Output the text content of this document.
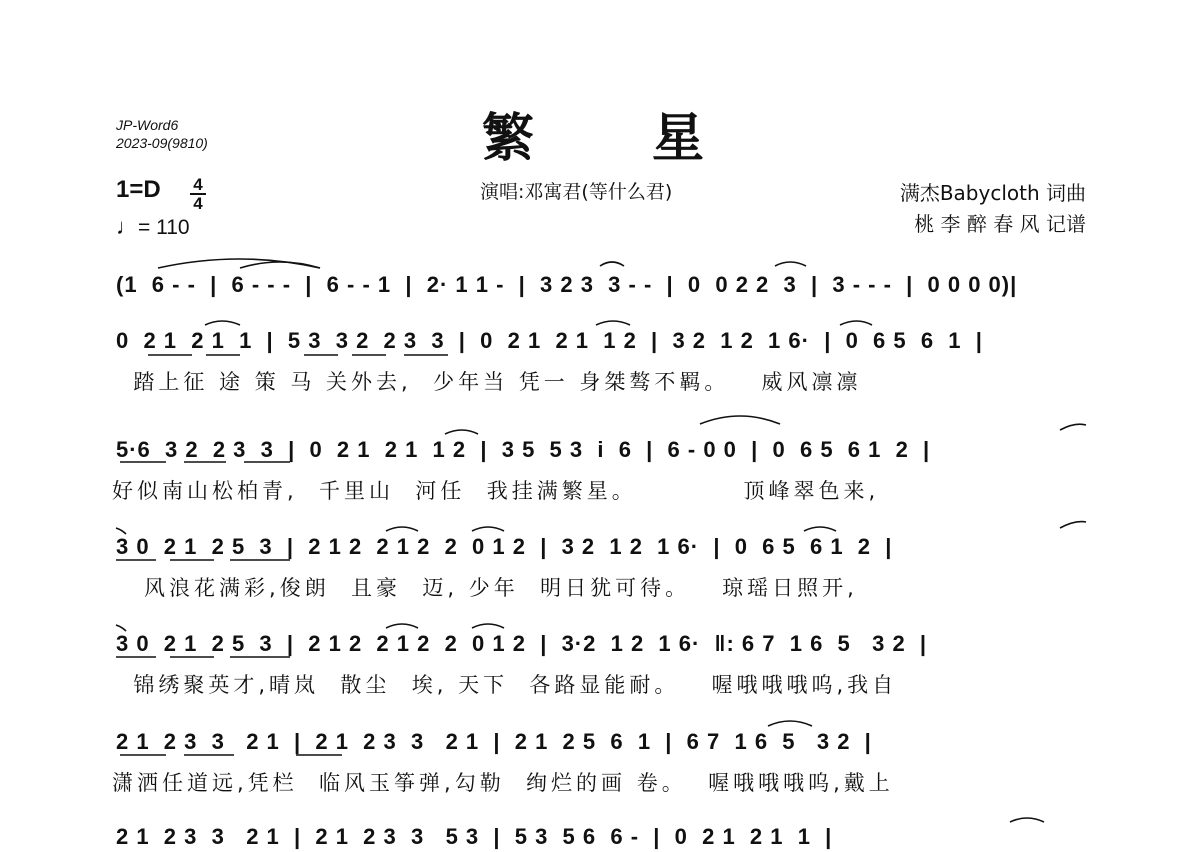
JP-Word6
2023-09(9810)	繁星
演唱:邓寓君(等什么君)	满杰Babycloth 词曲
桃 李 醉 春 风 记谱
1=D 4
4
♩= 110
(1  6 - -  |  6 - - -  |  6 - - 1  |  2· 1 1 -  |  3 2 3  3 - -  |  0  0 2 2  3  |  3 - - -  |  0 0 0 0)|
0  2 1  2 1  1  |  5 3  3 2  2 3  3  |  0  2 1  2 1  1 2  |  3 2  1 2  1 6·  |  0  6 5  6  1  |
踏上征 途 策 马 关外去,  少年当 凭一 身桀骜不羁。   威风凛凛
5·6  3 2  2 3  3  |  0  2 1  2 1  1 2  |  3 5  5 3  i  6  |  6 - 0 0  |  0  6 5  6 1  2  |
好似南山松柏青,  千里山  河任  我挂满繁星。          顶峰翠色来,
3 0  2 1  2 5  3  |  2 1 2  2 1 2  2  0 1 2  |  3 2  1 2  1 6·  |  0  6 5  6 1  2  |
风浪花满彩,俊朗  且豪  迈, 少年  明日犹可待。   琼瑶日照开,
3 0  2 1  2 5  3  |  2 1 2  2 1 2  2  0 1 2  |  3·2  1 2  1 6·  ‖: 6 7  1 6  5   3 2  |
锦绣聚英才,晴岚  散尘  埃, 天下  各路显能耐。   喔哦哦哦呜,我自
2 1  2 3  3   2 1  |  2 1  2 3  3   2 1  |  2 1  2 5  6  1  |  6 7  1 6  5   3 2  |
潇洒任道远,凭栏  临风玉筝弹,勾勒  绚烂的画 卷。  喔哦哦哦呜,戴上
2 1  2 3  3   2 1  |  2 1  2 3  3   5 3  |  5 3  5 6  6 -  |  0  2 1  2 1  1  |
